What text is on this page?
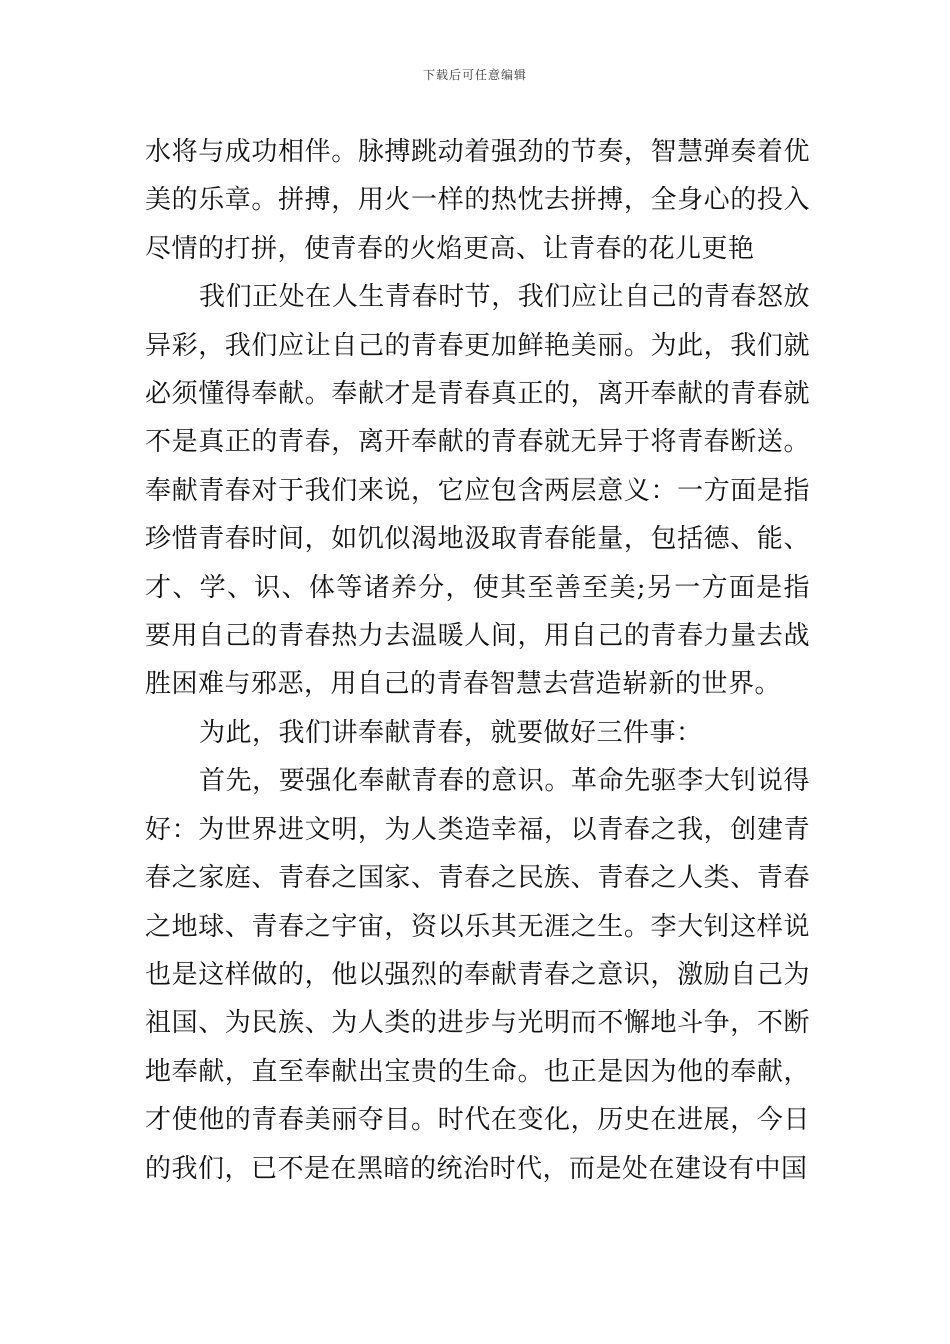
下载后可任意编辑

水将与成功相伴。脉搏跳动着强劲的节奏，智慧弹奏着优美的乐章。拼搏，用火一样的热忱去拼搏，全身心的投入尽情的打拼，使青春的火焰更高、让青春的花儿更艳

我们正处在人生青春时节，我们应让自己的青春怒放异彩，我们应让自己的青春更加鲜艳美丽。为此，我们就必须懂得奉献。奉献才是青春真正的，离开奉献的青春就不是真正的青春，离开奉献的青春就无异于将青春断送。奉献青春对于我们来说，它应包含两层意义：一方面是指珍惜青春时间，如饥似渴地汲取青春能量，包括德、能、才、学、识、体等诸养分，使其至善至美;另一方面是指要用自己的青春热力去温暖人间，用自己的青春力量去战胜困难与邪恶，用自己的青春智慧去营造崭新的世界。

为此，我们讲奉献青春，就要做好三件事：

首先，要强化奉献青春的意识。革命先驱李大钊说得好：为世界进文明，为人类造幸福，以青春之我，创建青春之家庭、青春之国家、青春之民族、青春之人类、青春之地球、青春之宇宙，资以乐其无涯之生。李大钊这样说也是这样做的，他以强烈的奉献青春之意识，激励自己为祖国、为民族、为人类的进步与光明而不懈地斗争，不断地奉献，直至奉献出宝贵的生命。也正是因为他的奉献，才使他的青春美丽夺目。时代在变化，历史在进展，今日的我们，已不是在黑暗的统治时代，而是处在建设有中国
